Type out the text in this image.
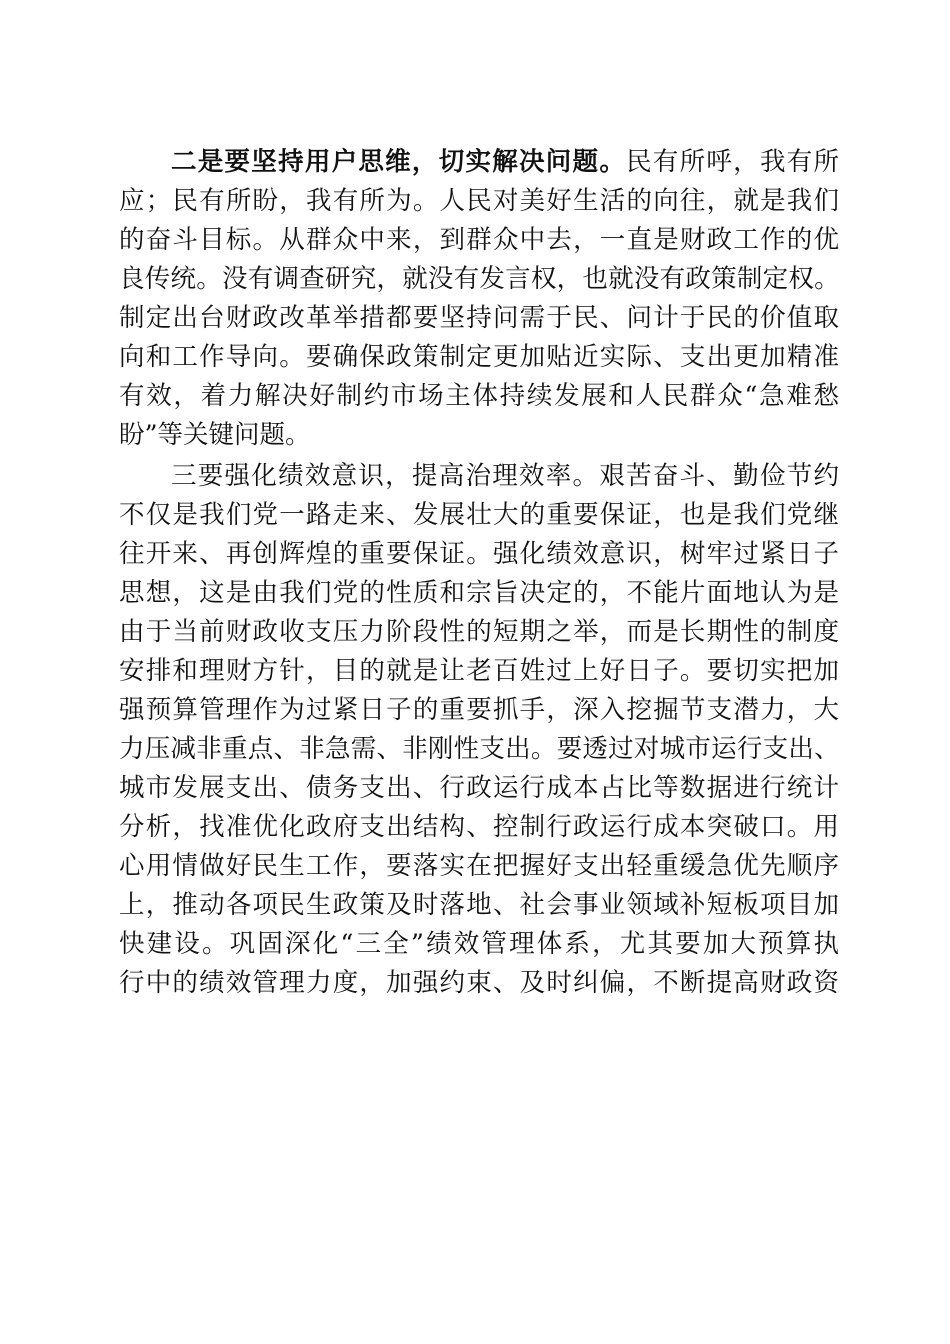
二是要坚持用户思维，切实解决问题。民有所呼，我有所
应；民有所盼，我有所为。人民对美好生活的向往，就是我们
的奋斗目标。从群众中来，到群众中去，一直是财政工作的优
良传统。没有调查研究，就没有发言权，也就没有政策制定权。
制定出台财政改革举措都要坚持问需于民、问计于民的价值取
向和工作导向。要确保政策制定更加贴近实际、支出更加精准
有效，着力解决好制约市场主体持续发展和人民群众“急难愁
盼”等关键问题。
三要强化绩效意识，提高治理效率。艰苦奋斗、勤俭节约
不仅是我们党一路走来、发展壮大的重要保证，也是我们党继
往开来、再创辉煌的重要保证。强化绩效意识，树牢过紧日子
思想，这是由我们党的性质和宗旨决定的，不能片面地认为是
由于当前财政收支压力阶段性的短期之举，而是长期性的制度
安排和理财方针，目的就是让老百姓过上好日子。要切实把加
强预算管理作为过紧日子的重要抓手，深入挖掘节支潜力，大
力压减非重点、非急需、非刚性支出。要透过对城市运行支出、
城市发展支出、债务支出、行政运行成本占比等数据进行统计
分析，找准优化政府支出结构、控制行政运行成本突破口。用
心用情做好民生工作，要落实在把握好支出轻重缓急优先顺序
上，推动各项民生政策及时落地、社会事业领域补短板项目加
快建设。巩固深化“三全”绩效管理体系，尤其要加大预算执
行中的绩效管理力度，加强约束、及时纠偏，不断提高财政资
